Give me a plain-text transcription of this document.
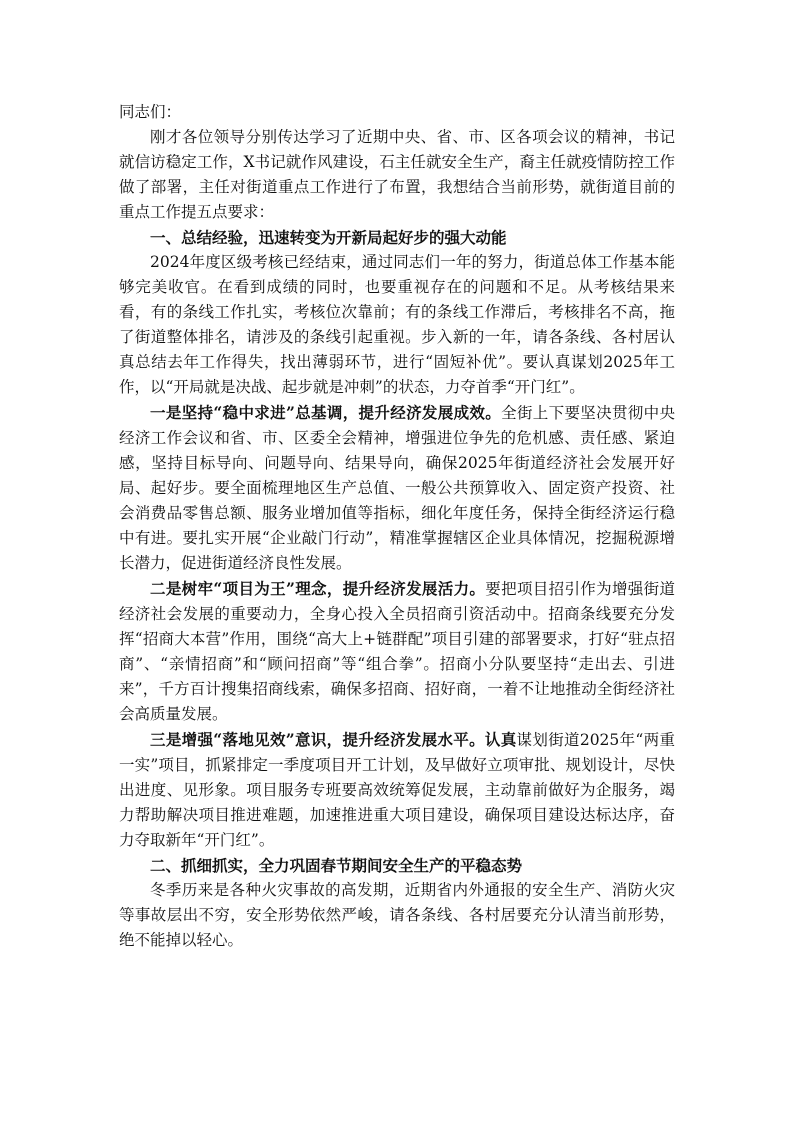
同志们：

刚才各位领导分别传达学习了近期中央、省、市、区各项会议的精神，书记就信访稳定工作，X书记就作风建设，石主任就安全生产，裔主任就疫情防控工作做了部署，主任对街道重点工作进行了布置，我想结合当前形势，就街道目前的重点工作提五点要求：

一、总结经验，迅速转变为开新局起好步的强大动能

2024年度区级考核已经结束，通过同志们一年的努力，街道总体工作基本能够完美收官。在看到成绩的同时，也要重视存在的问题和不足。从考核结果来看，有的条线工作扎实，考核位次靠前；有的条线工作滞后，考核排名不高，拖了街道整体排名，请涉及的条线引起重视。步入新的一年，请各条线、各村居认真总结去年工作得失，找出薄弱环节，进行“固短补优”。要认真谋划2025年工作，以“开局就是决战、起步就是冲刺”的状态，力夺首季“开门红”。

一是坚持“稳中求进”总基调，提升经济发展成效。全街上下要坚决贯彻中央经济工作会议和省、市、区委全会精神，增强进位争先的危机感、责任感、紧迫感，坚持目标导向、问题导向、结果导向，确保2025年街道经济社会发展开好局、起好步。要全面梳理地区生产总值、一般公共预算收入、固定资产投资、社会消费品零售总额、服务业增加值等指标，细化年度任务，保持全街经济运行稳中有进。要扎实开展“企业敲门行动”，精准掌握辖区企业具体情况，挖掘税源增长潜力，促进街道经济良性发展。

二是树牢“项目为王”理念，提升经济发展活力。要把项目招引作为增强街道经济社会发展的重要动力，全身心投入全员招商引资活动中。招商条线要充分发挥“招商大本营”作用，围绕“高大上+链群配”项目引建的部署要求，打好“驻点招商”、“亲情招商”和“顾问招商”等“组合拳”。招商小分队要坚持“走出去、引进来”，千方百计搜集招商线索，确保多招商、招好商，一着不让地推动全街经济社会高质量发展。

三是增强“落地见效”意识，提升经济发展水平。认真谋划街道2025年“两重一实”项目，抓紧排定一季度项目开工计划，及早做好立项审批、规划设计，尽快出进度、见形象。项目服务专班要高效统筹促发展，主动靠前做好为企服务，竭力帮助解决项目推进难题，加速推进重大项目建设，确保项目建设达标达序，奋力夺取新年“开门红”。

二、抓细抓实，全力巩固春节期间安全生产的平稳态势

冬季历来是各种火灾事故的高发期，近期省内外通报的安全生产、消防火灾等事故层出不穷，安全形势依然严峻，请各条线、各村居要充分认清当前形势，绝不能掉以轻心。
